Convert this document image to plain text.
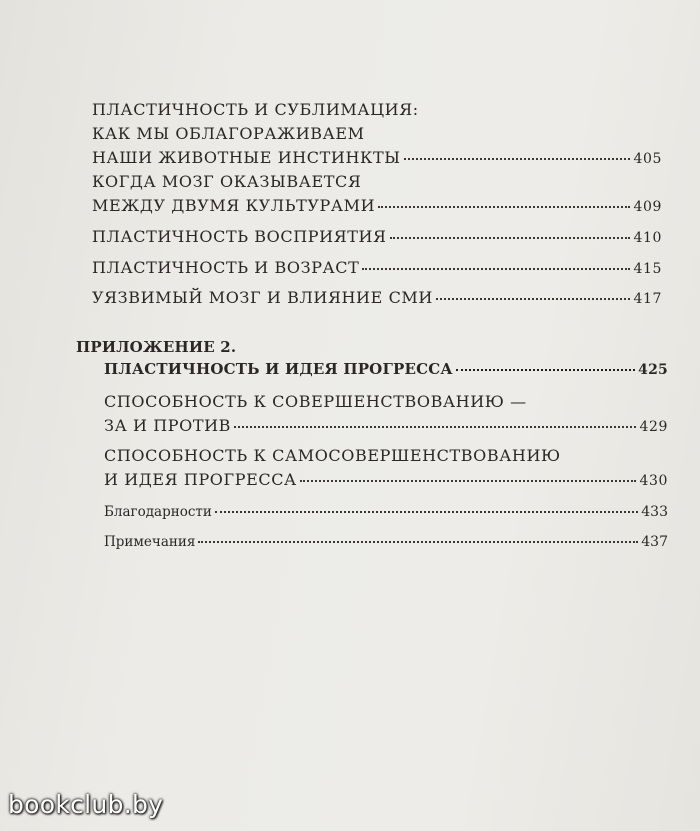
ПЛАСТИЧНОСТЬ И СУБЛИМАЦИЯ:
КАК МЫ ОБЛАГОРАЖИВАЕМ
НАШИ ЖИВОТНЫЕ ИНСТИНКТЫ	405
КОГДА МОЗГ ОКАЗЫВАЕТСЯ
МЕЖДУ ДВУМЯ КУЛЬТУРАМИ	409
ПЛАСТИЧНОСТЬ ВОСПРИЯТИЯ	410
ПЛАСТИЧНОСТЬ И ВОЗРАСТ	415
УЯЗВИМЫЙ МОЗГ И ВЛИЯНИЕ СМИ	417
ПРИЛОЖЕНИЕ 2.
ПЛАСТИЧНОСТЬ И ИДЕЯ ПРОГРЕССА	425
СПОСОБНОСТЬ К СОВЕРШЕНСТВОВАНИЮ —
ЗА И ПРОТИВ	429
СПОСОБНОСТЬ К САМОСОВЕРШЕНСТВОВАНИЮ
И ИДЕЯ ПРОГРЕССА	430
Благодарности	433
Примечания	437
bookclub.by
